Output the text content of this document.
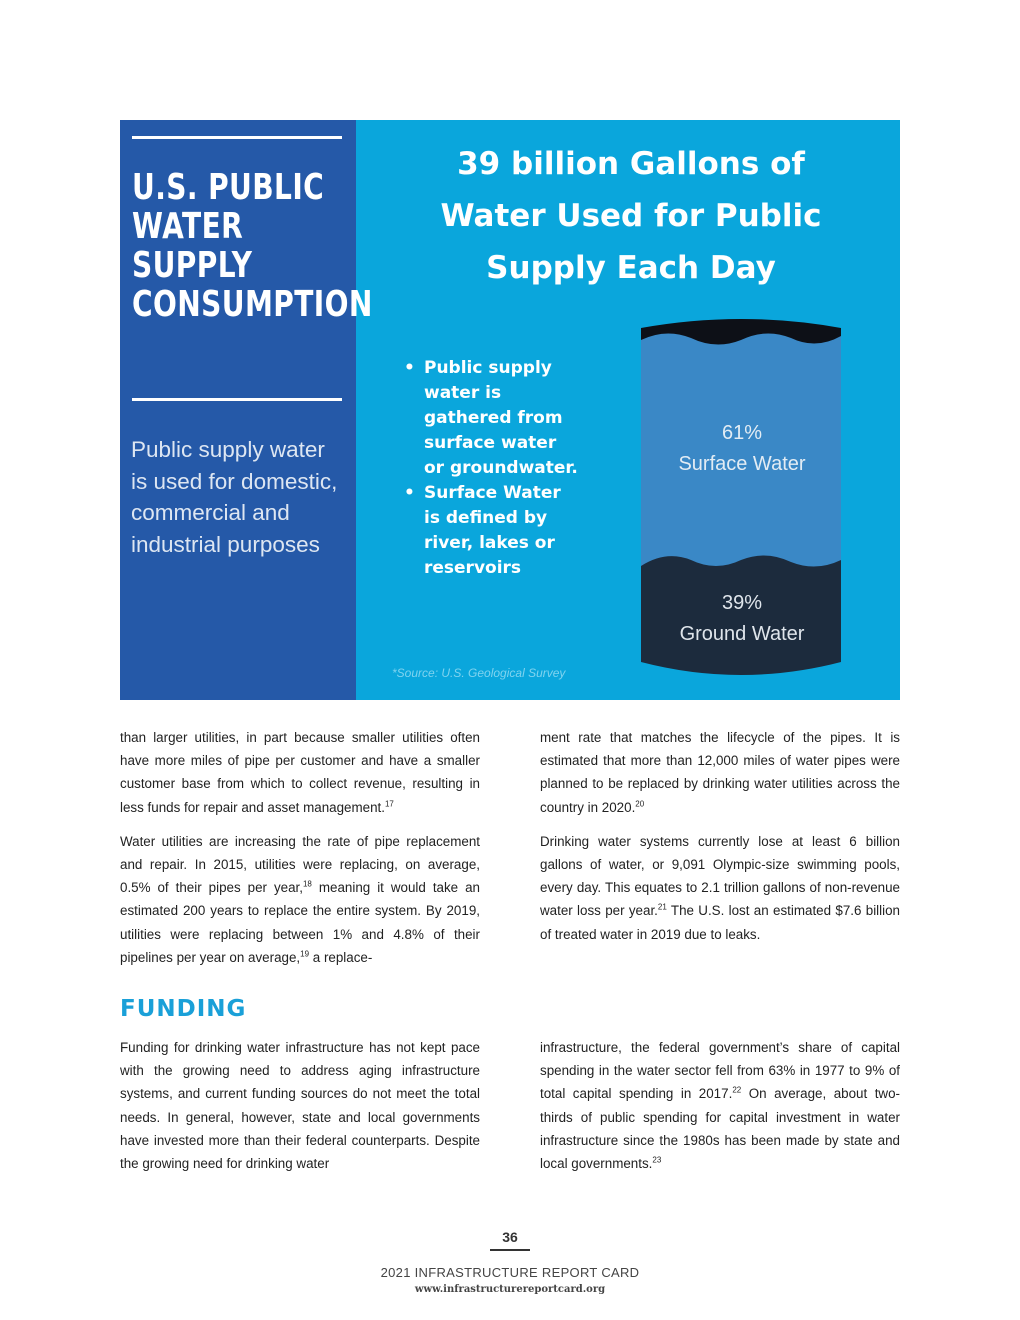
U.S. PUBLIC
WATER
SUPPLY
CONSUMPTION
Public supply water is used for domestic, commercial and industrial purposes
39 billion Gallons of
Water Used for Public
Supply Each Day
• Public supply water is gathered from surface water or groundwater.
• Surface Water is defined by river, lakes or reservoirs
61%
Surface Water
39%
Ground Water
*Source: U.S. Geological Survey

than larger utilities, in part because smaller utilities often have more miles of pipe per customer and have a smaller customer base from which to collect revenue, resulting in less funds for repair and asset management.$^{17}$

Water utilities are increasing the rate of pipe replacement and repair. In 2015, utilities were replacing, on average, 0.5% of their pipes per year,$^{18}$ meaning it would take an estimated 200 years to replace the entire system. By 2019, utilities were replacing between 1% and 4.8% of their pipelines per year on average,$^{19}$ a replace-

ment rate that matches the lifecycle of the pipes. It is estimated that more than 12,000 miles of water pipes were planned to be replaced by drinking water utilities across the country in 2020.20

Drinking water systems currently lose at least 6 billion gallons of water, or 9,091 Olympic-size swimming pools, every day. This equates to 2.1 trillion gallons of non-revenue water loss per year.$^{21}$ The U.S. lost an estimated $7.6 billion of treated water in 2019 due to leaks.

FUNDING

Funding for drinking water infrastructure has not kept pace with the growing need to address aging infrastructure systems, and current funding sources do not meet the total needs. In general, however, state and local governments have invested more than their federal counterparts. Despite the growing need for drinking water

infrastructure, the federal government’s share of capital spending in the water sector fell from 63% in 1977 to 9% of total capital spending in 2017.22 On average, about two-thirds of public spending for capital investment in water infrastructure since the 1980s has been made by state and local governments.$^{23}$

36
2021 INFRASTRUCTURE REPORT CARD
www.infrastructurereportcard.org
